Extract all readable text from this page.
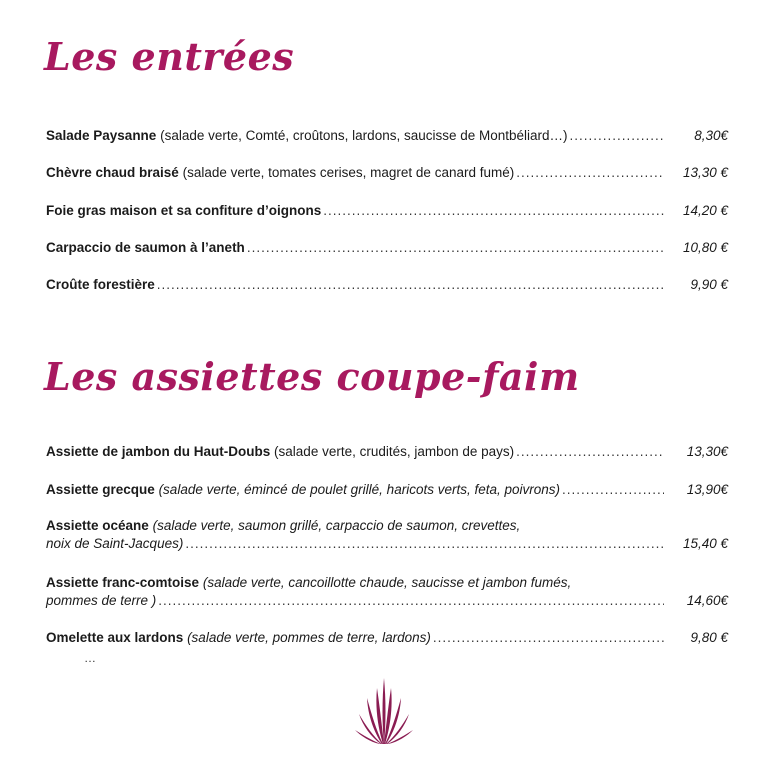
Les entrées
Salade Paysanne (salade verte, Comté, croûtons, lardons, saucisse de Montbéliard…) .....	8,30€
Chèvre chaud braisé (salade verte, tomates cerises, magret de canard fumé) .....	13,30 €
Foie gras maison et sa confiture d’oignons .....	14,20 €
Carpaccio de saumon à l’aneth .....	10,80 €
Croûte forestière .....	9,90 €
Les assiettes coupe-faim
Assiette de jambon du Haut-Doubs (salade verte, crudités, jambon de pays) .....	13,30€
Assiette grecque (salade verte, émincé de poulet grillé, haricots verts, feta, poivrons) .....	13,90€
Assiette océane (salade verte, saumon grillé, carpaccio de saumon, crevettes,
noix de Saint-Jacques) .....	15,40 €
Assiette franc-comtoise (salade verte, cancoillotte chaude, saucisse et jambon fumés,
pommes de terre ) .....	14,60€
Omelette aux lardons (salade verte, pommes de terre, lardons) .....	9,80 €
…
